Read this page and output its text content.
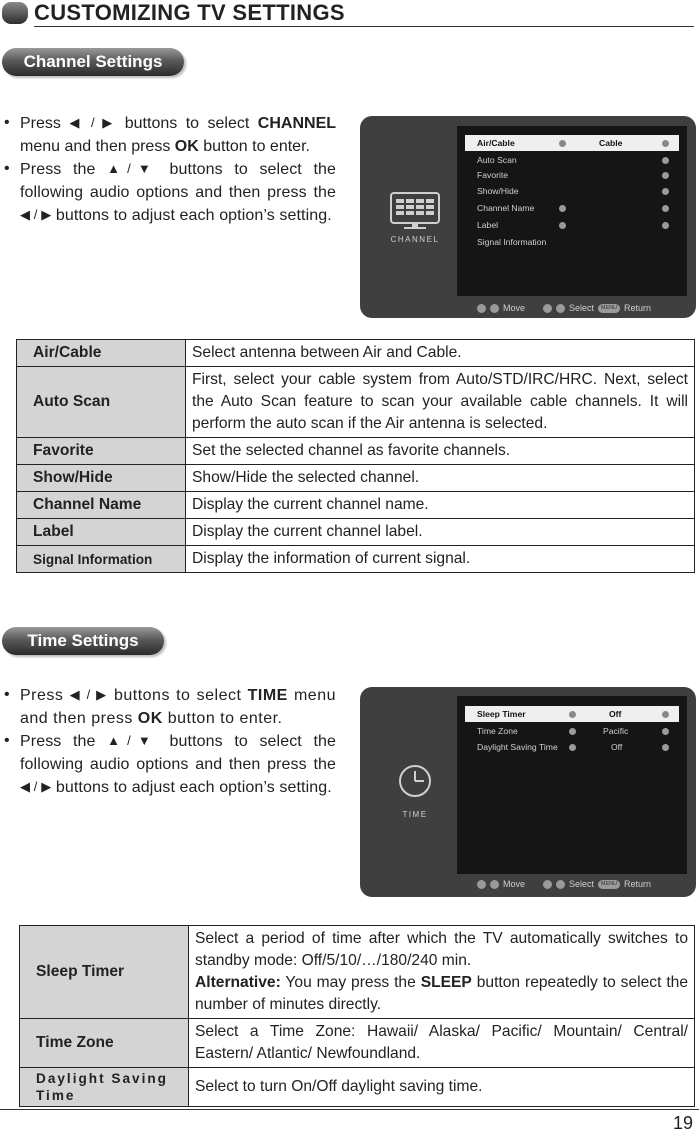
CUSTOMIZING TV SETTINGS
Channel Settings
• Press ◀ / ▶ buttons to select CHANNEL menu and then press OK button to enter.
• Press the ▲/▼ buttons to select the following audio options and then press the ◀ / ▶ buttons to adjust each option’s setting.
CHANNEL
Air/Cable	Cable
Auto Scan
Favorite
Show/Hide
Channel Name
Label
Signal Information
Move	Select	MENU Return
Air/Cable	Select antenna between Air and Cable.
Auto Scan	First, select your cable system from Auto/STD/IRC/HRC. Next, select the Auto Scan feature to scan your available cable channels. It will perform the auto scan if the Air antenna is selected.
Favorite	Set the selected channel as favorite channels.
Show/Hide	Show/Hide the selected channel.
Channel Name	Display the current channel name.
Label	Display the current channel label.
Signal Information	Display the information of current signal.
Time Settings
• Press ◀ / ▶ buttons to select TIME menu and then press OK button to enter.
• Press the ▲/▼ buttons to select the following audio options and then press the ◀ / ▶ buttons to adjust each option’s setting.
TIME
Sleep Timer	Off
Time Zone	Pacific
Daylight Saving Time	Off
Move	Select	MENU Return
Sleep Timer	Select a period of time after which the TV automatically switches to standby mode: Off/5/10/…/180/240 min.
Alternative: You may press the SLEEP button repeatedly to select the number of minutes directly.

Time Zone	Select a Time Zone: Hawaii/ Alaska/ Pacific/ Mountain/ Central/ Eastern/ Atlantic/ Newfoundland.
Daylight Saving Time	Select to turn On/Off daylight saving time.
19
